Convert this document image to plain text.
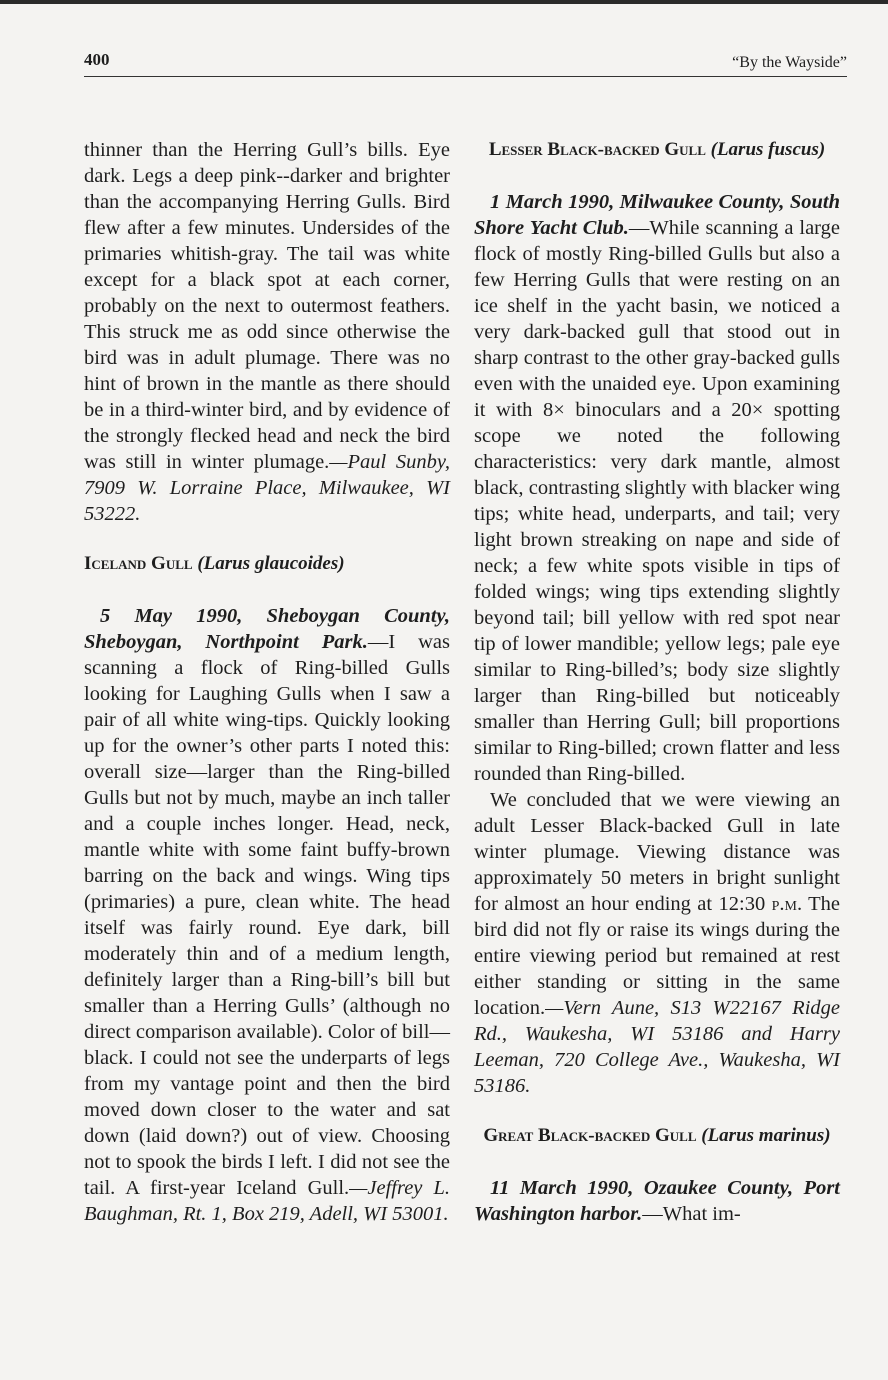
400	“By the Wayside”

thinner than the Herring Gull’s bills. Eye dark. Legs a deep pink--darker and brighter than the accompanying Herring Gulls. Bird flew after a few minutes. Undersides of the primaries whitish-gray. The tail was white except for a black spot at each corner, probably on the next to outermost feathers. This struck me as odd since otherwise the bird was in adult plumage. There was no hint of brown in the mantle as there should be in a third-winter bird, and by evidence of the strongly flecked head and neck the bird was still in winter plumage.—Paul Sunby, 7909 W. Lorraine Place, Milwaukee, WI 53222.

Iceland Gull (Larus glaucoides)

5 May 1990, Sheboygan County, Sheboygan, Northpoint Park.—I was scanning a flock of Ring-billed Gulls looking for Laughing Gulls when I saw a pair of all white wing-tips. Quickly looking up for the owner’s other parts I noted this: overall size—larger than the Ring-billed Gulls but not by much, maybe an inch taller and a couple inches longer. Head, neck, mantle white with some faint buffy-brown barring on the back and wings. Wing tips (primaries) a pure, clean white. The head itself was fairly round. Eye dark, bill moderately thin and of a medium length, definitely larger than a Ring-bill’s bill but smaller than a Herring Gulls’ (although no direct comparison available). Color of bill—black. I could not see the underparts of legs from my vantage point and then the bird moved down closer to the water and sat down (laid down?) out of view. Choosing not to spook the birds I left. I did not see the tail. A first-year Iceland Gull.—Jeffrey L. Baughman, Rt. 1, Box 219, Adell, WI 53001.

Lesser Black-backed Gull (Larus fuscus)

1 March 1990, Milwaukee County, South Shore Yacht Club.—While scanning a large flock of mostly Ring-billed Gulls but also a few Herring Gulls that were resting on an ice shelf in the yacht basin, we noticed a very dark-backed gull that stood out in sharp contrast to the other gray-backed gulls even with the unaided eye. Upon examining it with 8× binoculars and a 20× spotting scope we noted the following characteristics: very dark mantle, almost black, contrasting slightly with blacker wing tips; white head, underparts, and tail; very light brown streaking on nape and side of neck; a few white spots visible in tips of folded wings; wing tips extending slightly beyond tail; bill yellow with red spot near tip of lower mandible; yellow legs; pale eye similar to Ring-billed’s; body size slightly larger than Ring-billed but noticeably smaller than Herring Gull; bill proportions similar to Ring-billed; crown flatter and less rounded than Ring-billed.

We concluded that we were viewing an adult Lesser Black-backed Gull in late winter plumage. Viewing distance was approximately 50 meters in bright sunlight for almost an hour ending at 12:30 p.m. The bird did not fly or raise its wings during the entire viewing period but remained at rest either standing or sitting in the same location.—Vern Aune, S13 W22167 Ridge Rd., Waukesha, WI 53186 and Harry Leeman, 720 College Ave., Waukesha, WI 53186.

Great Black-backed Gull (Larus marinus)

11 March 1990, Ozaukee County, Port Washington harbor.—What im-
